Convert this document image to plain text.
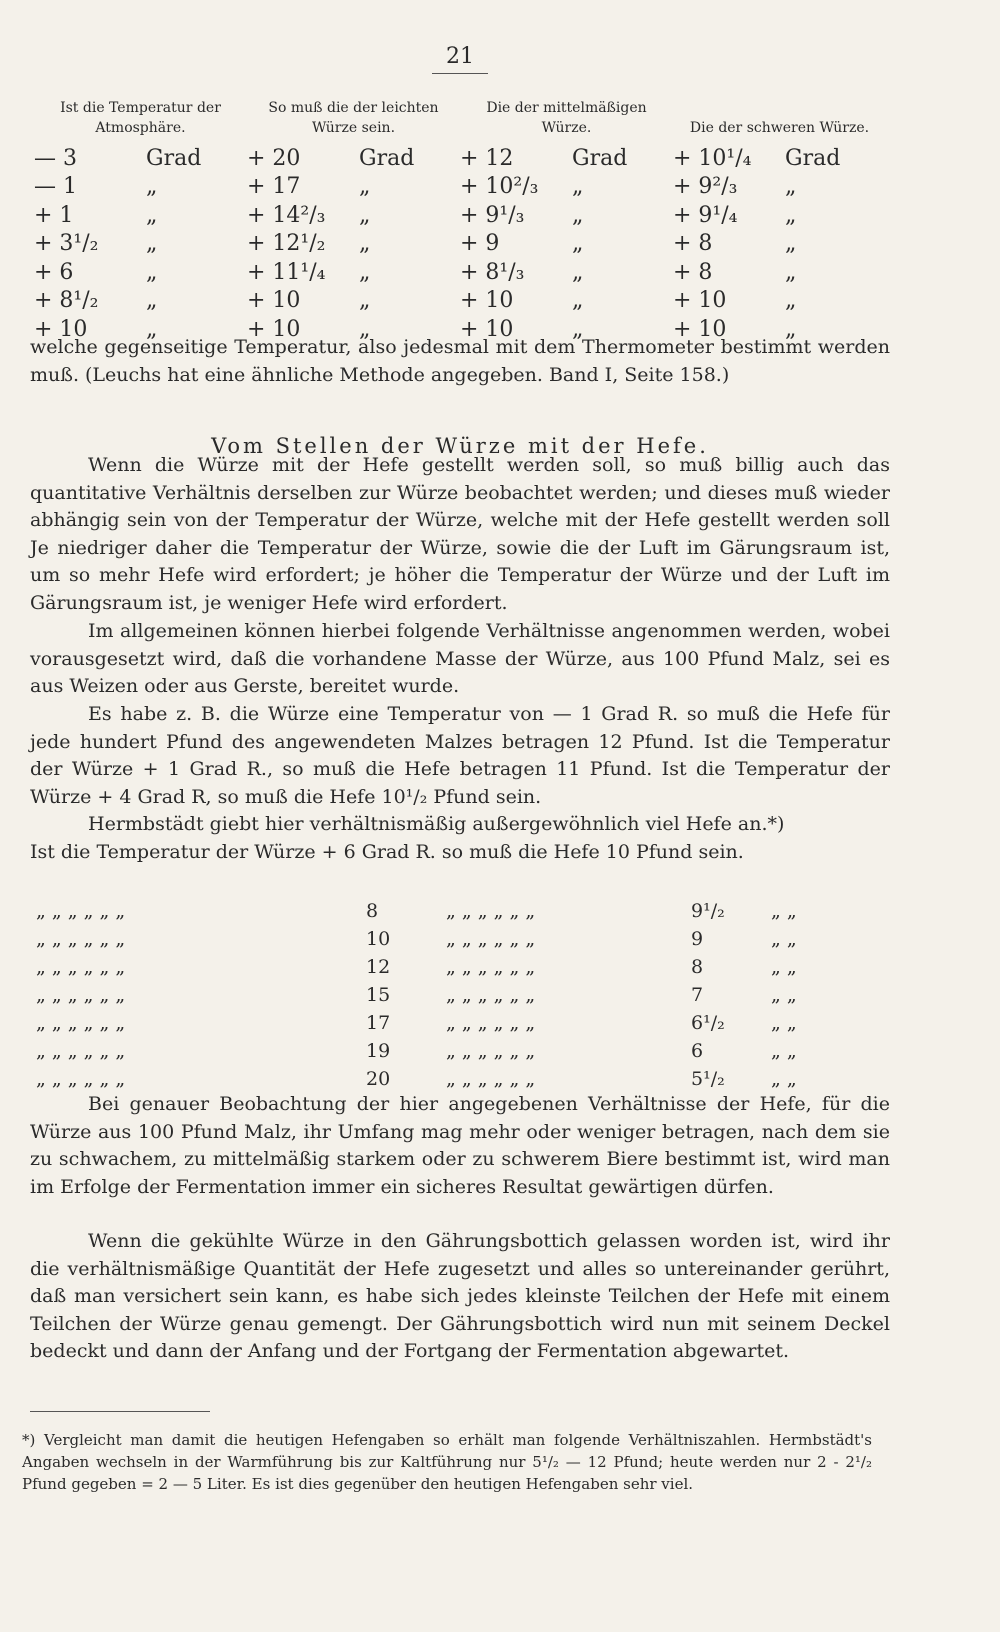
21
Ist die Temperatur der Atmosphäre.	So muß die der leichten Würze sein.	Die der mittelmäßigen Würze.	Die der schweren Würze.
— 3 Grad	+ 20 Grad	+ 12 Grad	+ 10¹/₄ Grad
— 1 „	+ 17 „	+ 10²/₃ „	+ 9²/₃ „
+ 1 „	+ 14²/₃ „	+ 9¹/₃ „	+ 9¹/₄ „
+ 3¹/₂ „	+ 12¹/₂ „	+ 9 „	+ 8 „
+ 6 „	+ 11¹/₄ „	+ 8¹/₃ „	+ 8 „
+ 8¹/₂ „	+ 10 „	+ 10 „	+ 10 „
+ 10 „	+ 10 „	+ 10 „	+ 10 „
welche gegenseitige Temperatur, also jedesmal mit dem Thermometer bestimmt werden muß. (Leuchs hat eine ähnliche Methode angegeben. Band I, Seite 158.)
Vom Stellen der Würze mit der Hefe.
Wenn die Würze mit der Hefe gestellt werden soll, so muß billig auch das quantitative Verhältnis derselben zur Würze beobachtet werden; und dieses muß wieder abhängig sein von der Temperatur der Würze, welche mit der Hefe gestellt werden soll Je niedriger daher die Temperatur der Würze, sowie die der Luft im Gärungsraum ist, um so mehr Hefe wird erfordert; je höher die Temperatur der Würze und der Luft im Gärungsraum ist, je weniger Hefe wird erfordert.
Im allgemeinen können hierbei folgende Verhältnisse angenommen werden, wobei vorausgesetzt wird, daß die vorhandene Masse der Würze, aus 100 Pfund Malz, sei es aus Weizen oder aus Gerste, bereitet wurde.
Es habe z. B. die Würze eine Temperatur von — 1 Grad R. so muß die Hefe für jede hundert Pfund des angewendeten Malzes betragen 12 Pfund. Ist die Temperatur der Würze + 1 Grad R., so muß die Hefe betragen 11 Pfund. Ist die Temperatur der Würze + 4 Grad R, so muß die Hefe 10¹/₂ Pfund sein.
Hermbstädt giebt hier verhältnismäßig außergewöhnlich viel Hefe an.*)
Ist die Temperatur der Würze + 6 Grad R. so muß die Hefe 10 Pfund sein.
„ „ „ „ „ „	8	„ „ „ „ „ „	9¹/₂	„ „
„ „ „ „ „ „	10	„ „ „ „ „ „	9	„ „
„ „ „ „ „ „	12	„ „ „ „ „ „	8	„ „
„ „ „ „ „ „	15	„ „ „ „ „ „	7	„ „
„ „ „ „ „ „	17	„ „ „ „ „ „	6¹/₂	„ „
„ „ „ „ „ „	19	„ „ „ „ „ „	6	„ „
„ „ „ „ „ „	20	„ „ „ „ „ „	5¹/₂	„ „
Bei genauer Beobachtung der hier angegebenen Verhältnisse der Hefe, für die Würze aus 100 Pfund Malz, ihr Umfang mag mehr oder weniger betragen, nach dem sie zu schwachem, zu mittelmäßig starkem oder zu schwerem Biere bestimmt ist, wird man im Erfolge der Fermentation immer ein sicheres Resultat gewärtigen dürfen.
Wenn die gekühlte Würze in den Gährungsbottich gelassen worden ist, wird ihr die verhältnismäßige Quantität der Hefe zugesetzt und alles so untereinander gerührt, daß man versichert sein kann, es habe sich jedes kleinste Teilchen der Hefe mit einem Teilchen der Würze genau gemengt. Der Gährungsbottich wird nun mit seinem Deckel bedeckt und dann der Anfang und der Fortgang der Fermentation abgewartet.
*) Vergleicht man damit die heutigen Hefengaben so erhält man folgende Verhältniszahlen. Hermbstädt's Angaben wechseln in der Warmführung bis zur Kaltführung nur 5¹/₂ — 12 Pfund; heute werden nur 2 - 2¹/₂ Pfund gegeben = 2 — 5 Liter. Es ist dies gegenüber den heutigen Hefengaben sehr viel.
